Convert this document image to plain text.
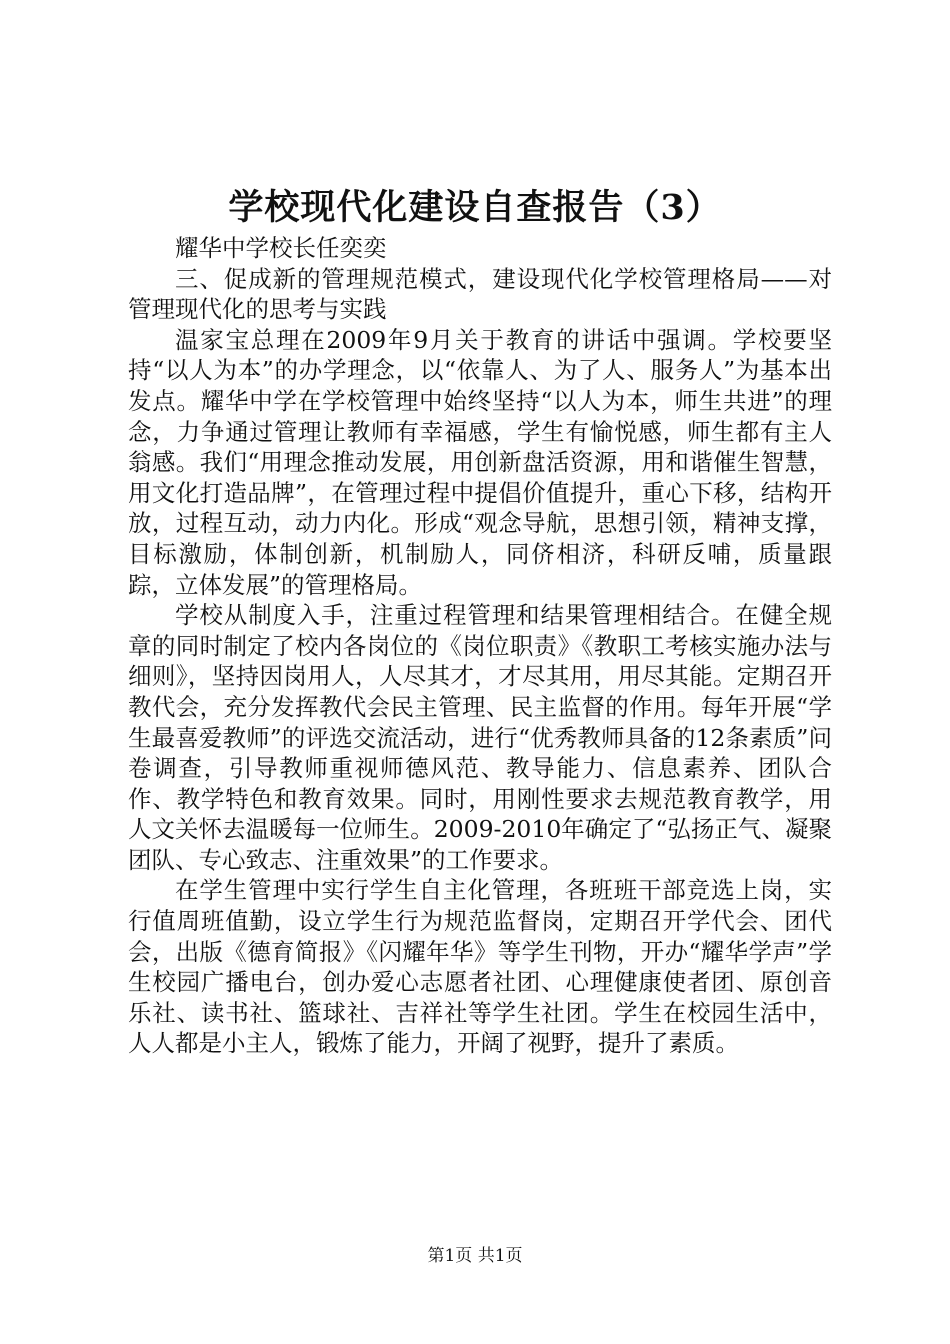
学校现代化建设自查报告（3）

耀华中学校长任奕奕

三、促成新的管理规范模式，建设现代化学校管理格局——对管理现代化的思考与实践

温家宝总理在2009年9月关于教育的讲话中强调。学校要坚持“以人为本”的办学理念，以“依靠人、为了人、服务人”为基本出发点。耀华中学在学校管理中始终坚持“以人为本，师生共进”的理念，力争通过管理让教师有幸福感，学生有愉悦感，师生都有主人翁感。我们“用理念推动发展，用创新盘活资源，用和谐催生智慧，用文化打造品牌”，在管理过程中提倡价值提升，重心下移，结构开放，过程互动，动力内化。形成“观念导航，思想引领，精神支撑，目标激励，体制创新，机制励人，同侪相济，科研反哺，质量跟踪，立体发展”的管理格局。

学校从制度入手，注重过程管理和结果管理相结合。在健全规章的同时制定了校内各岗位的《岗位职责》《教职工考核实施办法与细则》，坚持因岗用人，人尽其才，才尽其用，用尽其能。定期召开教代会，充分发挥教代会民主管理、民主监督的作用。每年开展“学生最喜爱教师”的评选交流活动，进行“优秀教师具备的12条素质”问卷调查，引导教师重视师德风范、教导能力、信息素养、团队合作、教学特色和教育效果。同时，用刚性要求去规范教育教学，用人文关怀去温暖每一位师生。2009-2010年确定了“弘扬正气、凝聚团队、专心致志、注重效果”的工作要求。

在学生管理中实行学生自主化管理，各班班干部竞选上岗，实行值周班值勤，设立学生行为规范监督岗，定期召开学代会、团代会，出版《德育简报》《闪耀年华》等学生刊物，开办“耀华学声”学生校园广播电台，创办爱心志愿者社团、心理健康使者团、原创音乐社、读书社、篮球社、吉祥社等学生社团。学生在校园生活中，人人都是小主人，锻炼了能力，开阔了视野，提升了素质。

第1页 共1页
